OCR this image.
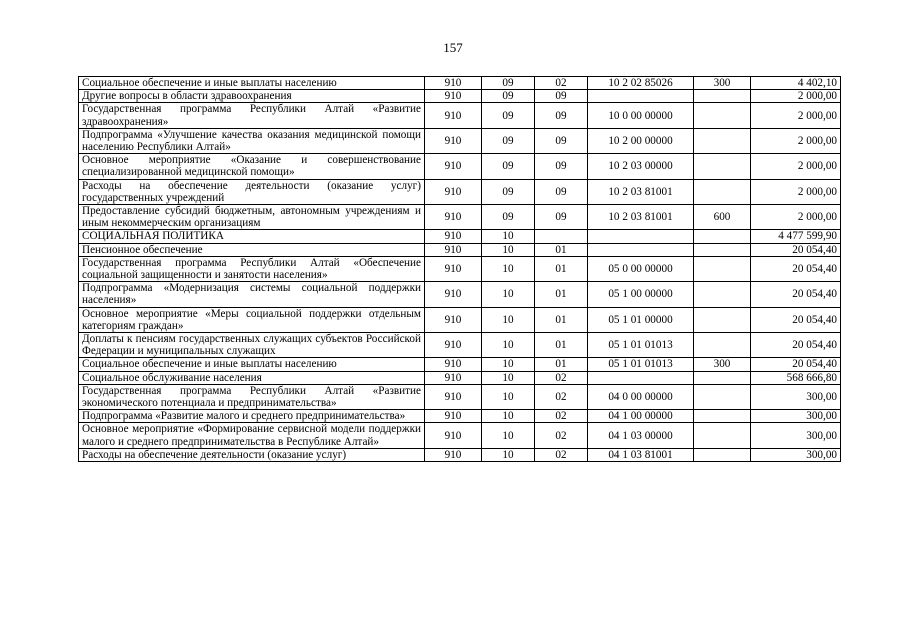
157
Социальное обеспечение и иные выплаты населению	910	09	02	10 2 02 85026	300	4 402,10
Другие вопросы в области здравоохранения	910	09	09			2 000,00
Государственная программа Республики Алтай «Развитие здравоохранения»	910	09	09	10 0 00 00000		2 000,00
Подпрограмма «Улучшение качества оказания медицинской помощи населению Республики Алтай»	910	09	09	10 2 00 00000		2 000,00
Основное мероприятие «Оказание и совершенствование специализированной медицинской помощи»	910	09	09	10 2 03 00000		2 000,00
Расходы на обеспечение деятельности (оказание услуг) государственных учреждений	910	09	09	10 2 03 81001		2 000,00
Предоставление субсидий бюджетным, автономным учреждениям и иным некоммерческим организациям	910	09	09	10 2 03 81001	600	2 000,00
СОЦИАЛЬНАЯ ПОЛИТИКА	910	10				4 477 599,90
Пенсионное обеспечение	910	10	01			20 054,40
Государственная программа Республики Алтай «Обеспечение социальной защищенности и занятости населения»	910	10	01	05 0 00 00000		20 054,40
Подпрограмма «Модернизация системы социальной поддержки населения»	910	10	01	05 1 00 00000		20 054,40
Основное мероприятие «Меры социальной поддержки отдельным категориям граждан»	910	10	01	05 1 01 00000		20 054,40
Доплаты к пенсиям государственных служащих субъектов Российской Федерации и муниципальных служащих	910	10	01	05 1 01 01013		20 054,40
Социальное обеспечение и иные выплаты населению	910	10	01	05 1 01 01013	300	20 054,40
Социальное обслуживание населения	910	10	02			568 666,80
Государственная программа Республики Алтай «Развитие экономического потенциала и предпринимательства»	910	10	02	04 0 00 00000		300,00
Подпрограмма «Развитие малого и среднего предпринимательства»	910	10	02	04 1 00 00000		300,00
Основное мероприятие «Формирование сервисной модели поддержки малого и среднего предпринимательства в Республике Алтай»	910	10	02	04 1 03 00000		300,00
Расходы на обеспечение деятельности (оказание услуг)	910	10	02	04 1 03 81001		300,00
